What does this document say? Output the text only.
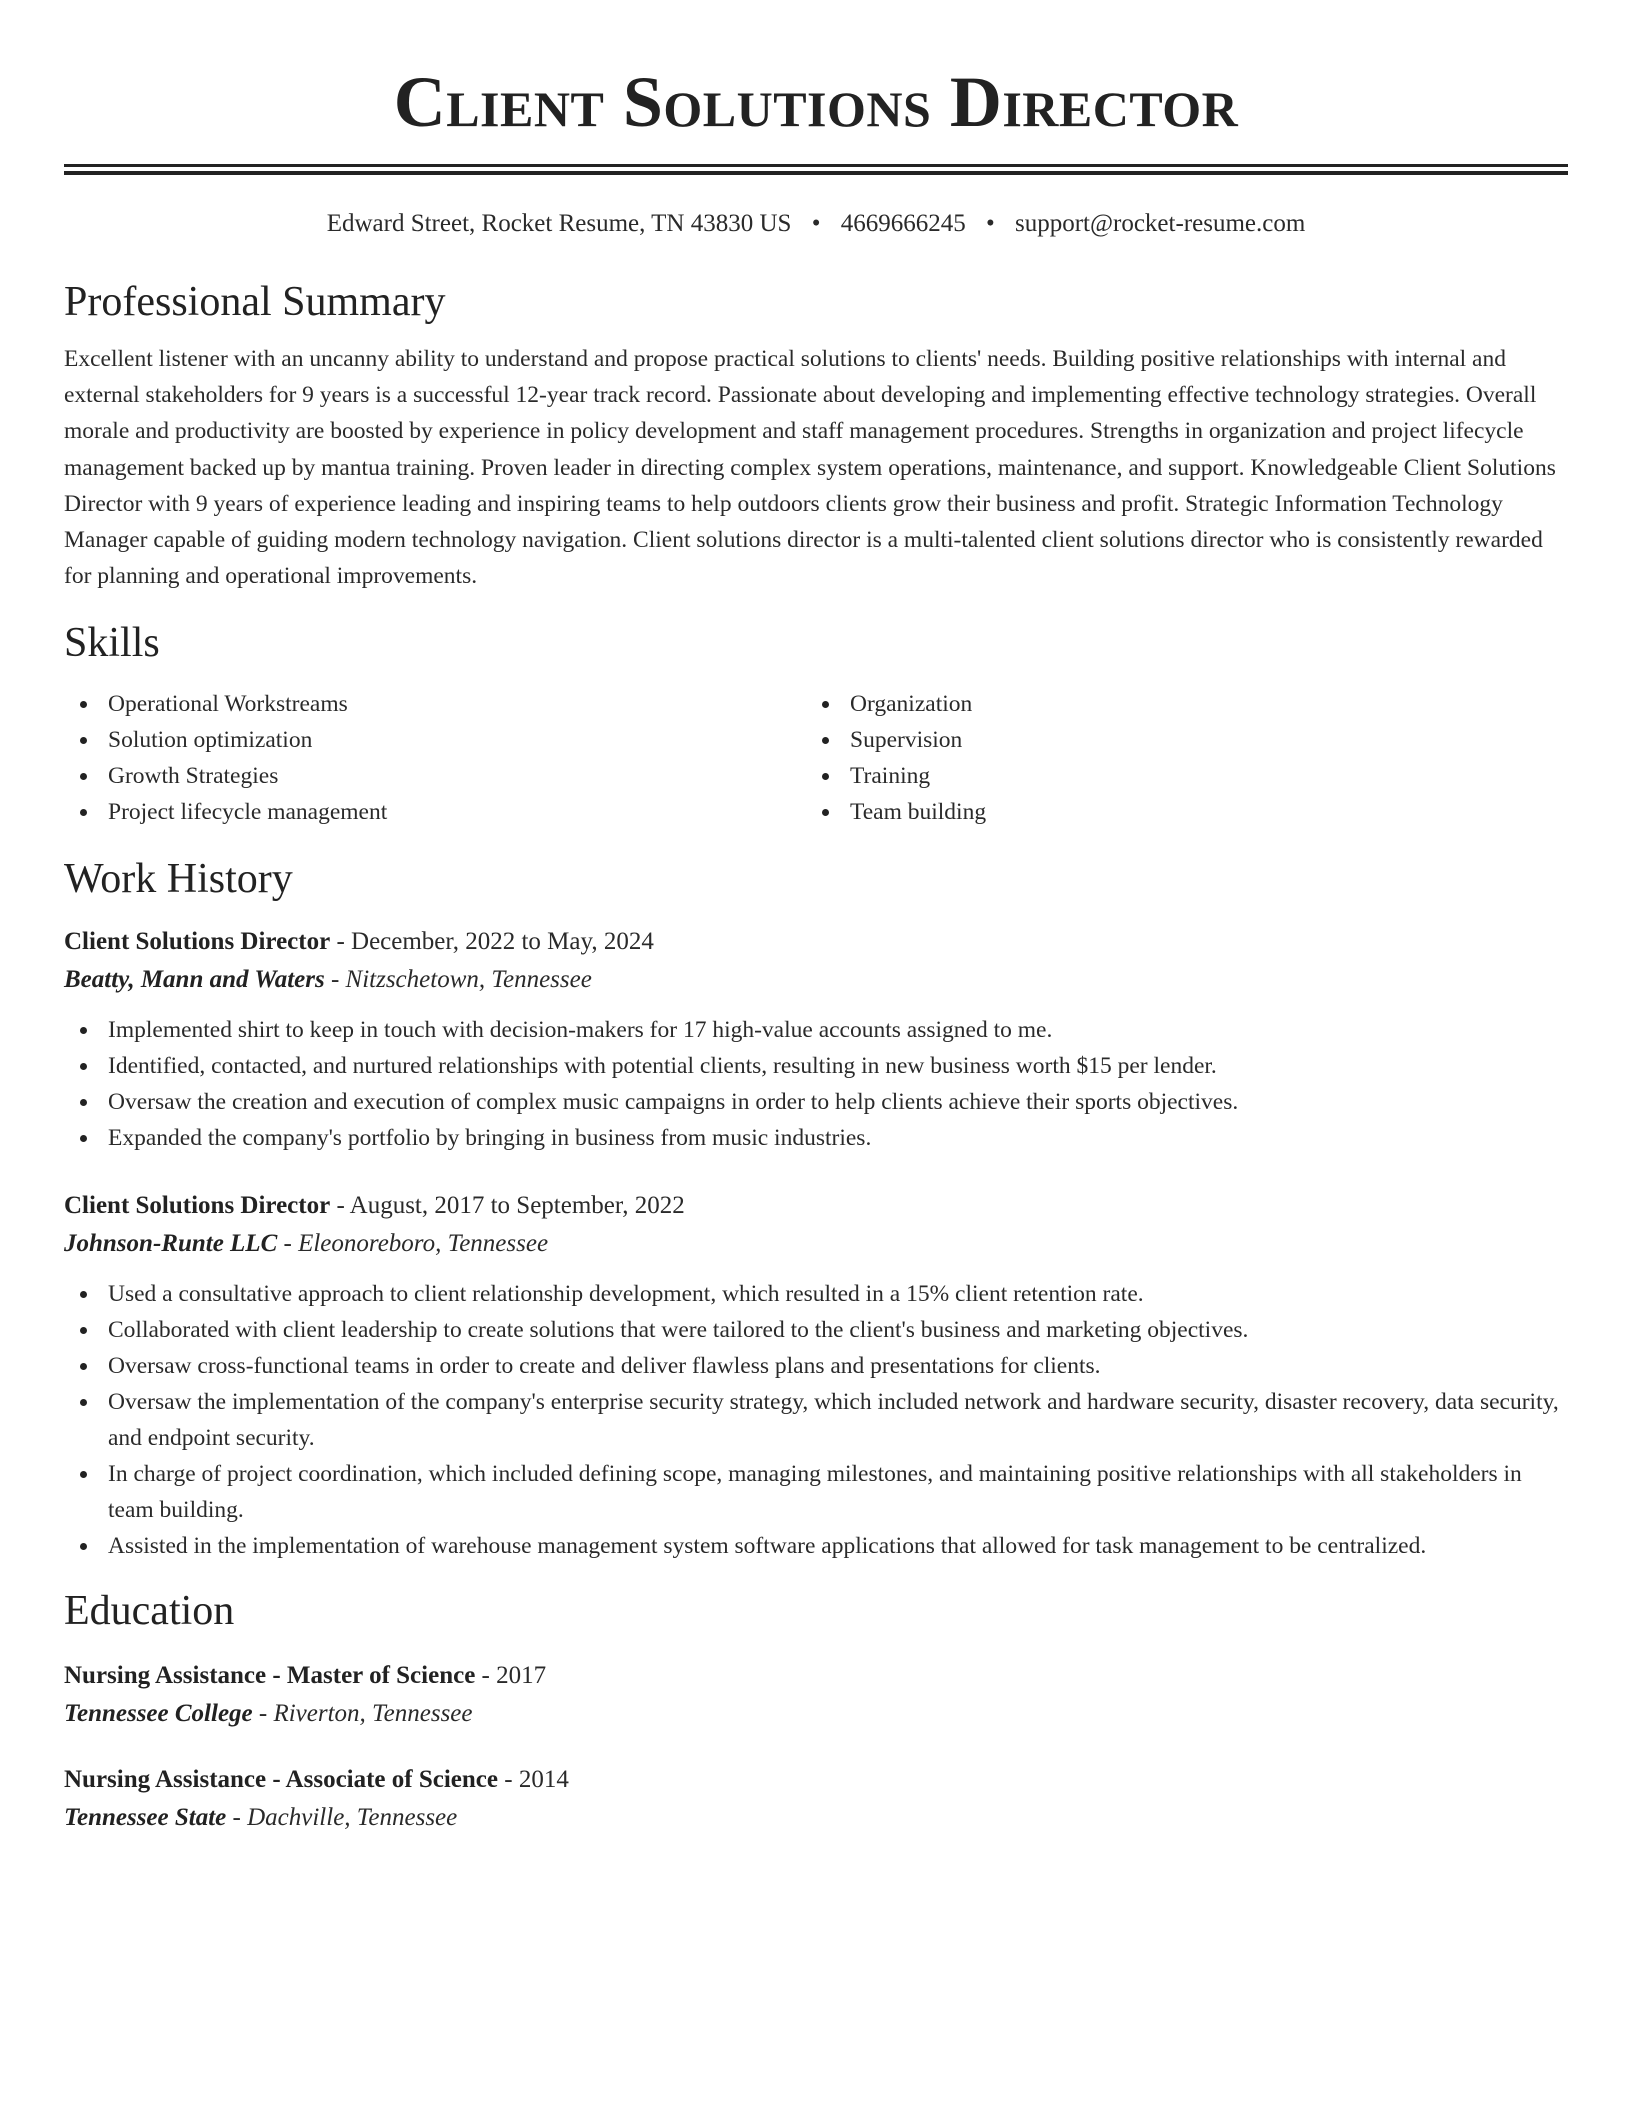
Client Solutions Director
Edward Street, Rocket Resume, TN 43830 US • 4669666245 • support@rocket-resume.com
Professional Summary
Excellent listener with an uncanny ability to understand and propose practical solutions to clients' needs. Building positive relationships with internal and external stakeholders for 9 years is a successful 12-year track record. Passionate about developing and implementing effective technology strategies. Overall morale and productivity are boosted by experience in policy development and staff management procedures. Strengths in organization and project lifecycle management backed up by mantua training. Proven leader in directing complex system operations, maintenance, and support. Knowledgeable Client Solutions Director with 9 years of experience leading and inspiring teams to help outdoors clients grow their business and profit. Strategic Information Technology Manager capable of guiding modern technology navigation. Client solutions director is a multi-talented client solutions director who is consistently rewarded for planning and operational improvements.
Skills
Operational Workstreams
Solution optimization
Growth Strategies
Project lifecycle management
Organization
Supervision
Training
Team building
Work History
Client Solutions Director - December, 2022 to May, 2024
Beatty, Mann and Waters - Nitzschetown, Tennessee
Implemented shirt to keep in touch with decision-makers for 17 high-value accounts assigned to me.
Identified, contacted, and nurtured relationships with potential clients, resulting in new business worth $15 per lender.
Oversaw the creation and execution of complex music campaigns in order to help clients achieve their sports objectives.
Expanded the company's portfolio by bringing in business from music industries.
Client Solutions Director - August, 2017 to September, 2022
Johnson-Runte LLC - Eleonoreboro, Tennessee
Used a consultative approach to client relationship development, which resulted in a 15% client retention rate.
Collaborated with client leadership to create solutions that were tailored to the client's business and marketing objectives.
Oversaw cross-functional teams in order to create and deliver flawless plans and presentations for clients.
Oversaw the implementation of the company's enterprise security strategy, which included network and hardware security, disaster recovery, data security, and endpoint security.
In charge of project coordination, which included defining scope, managing milestones, and maintaining positive relationships with all stakeholders in team building.
Assisted in the implementation of warehouse management system software applications that allowed for task management to be centralized.
Education
Nursing Assistance - Master of Science - 2017
Tennessee College - Riverton, Tennessee
Nursing Assistance - Associate of Science - 2014
Tennessee State - Dachville, Tennessee
